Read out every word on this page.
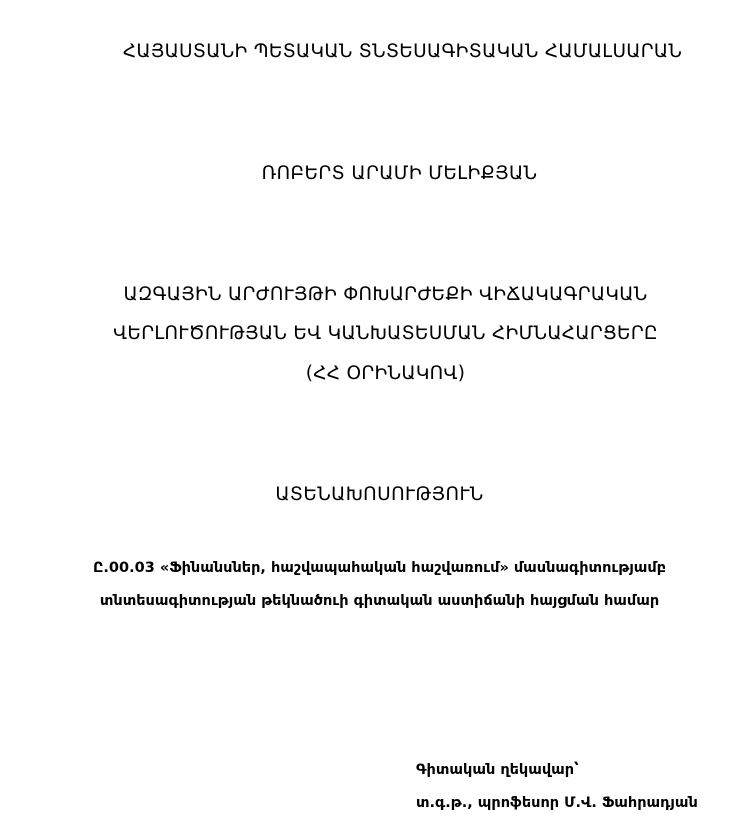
ՀԱՅԱՍՏԱՆԻ ՊԵՏԱԿԱՆ ՏՆՏԵՍԱԳԻՏԱԿԱՆ ՀԱՄԱԼՍԱՐԱՆ
ՌՈԲԵՐՏ ԱՐԱՄԻ ՄԵԼԻՔՅԱՆ
ԱԶԳԱՅԻՆ ԱՐԺՈՒՅԹԻ ՓՈԽԱՐԺԵՔԻ ՎԻՃԱԿԱԳՐԱԿԱՆ
ՎԵՐԼՈՒԾՈՒԹՅԱՆ ԵՎ ԿԱՆԽԱՏԵՍՄԱՆ ՀԻՄՆԱՀԱՐՑԵՐԸ
(ՀՀ ՕՐԻՆԱԿՈՎ)
ԱՏԵՆԱԽՈՍՈՒԹՅՈՒՆ
Ը.00.03 «Ֆինանսներ, հաշվապահական հաշվառում» մասնագիտությամբ
տնտեսագիտության թեկնածուի գիտական աստիճանի հայցման համար
Գիտական ղեկավար՝
տ.գ.թ., պրոֆեսոր Մ.Վ. Ֆահրադյան
